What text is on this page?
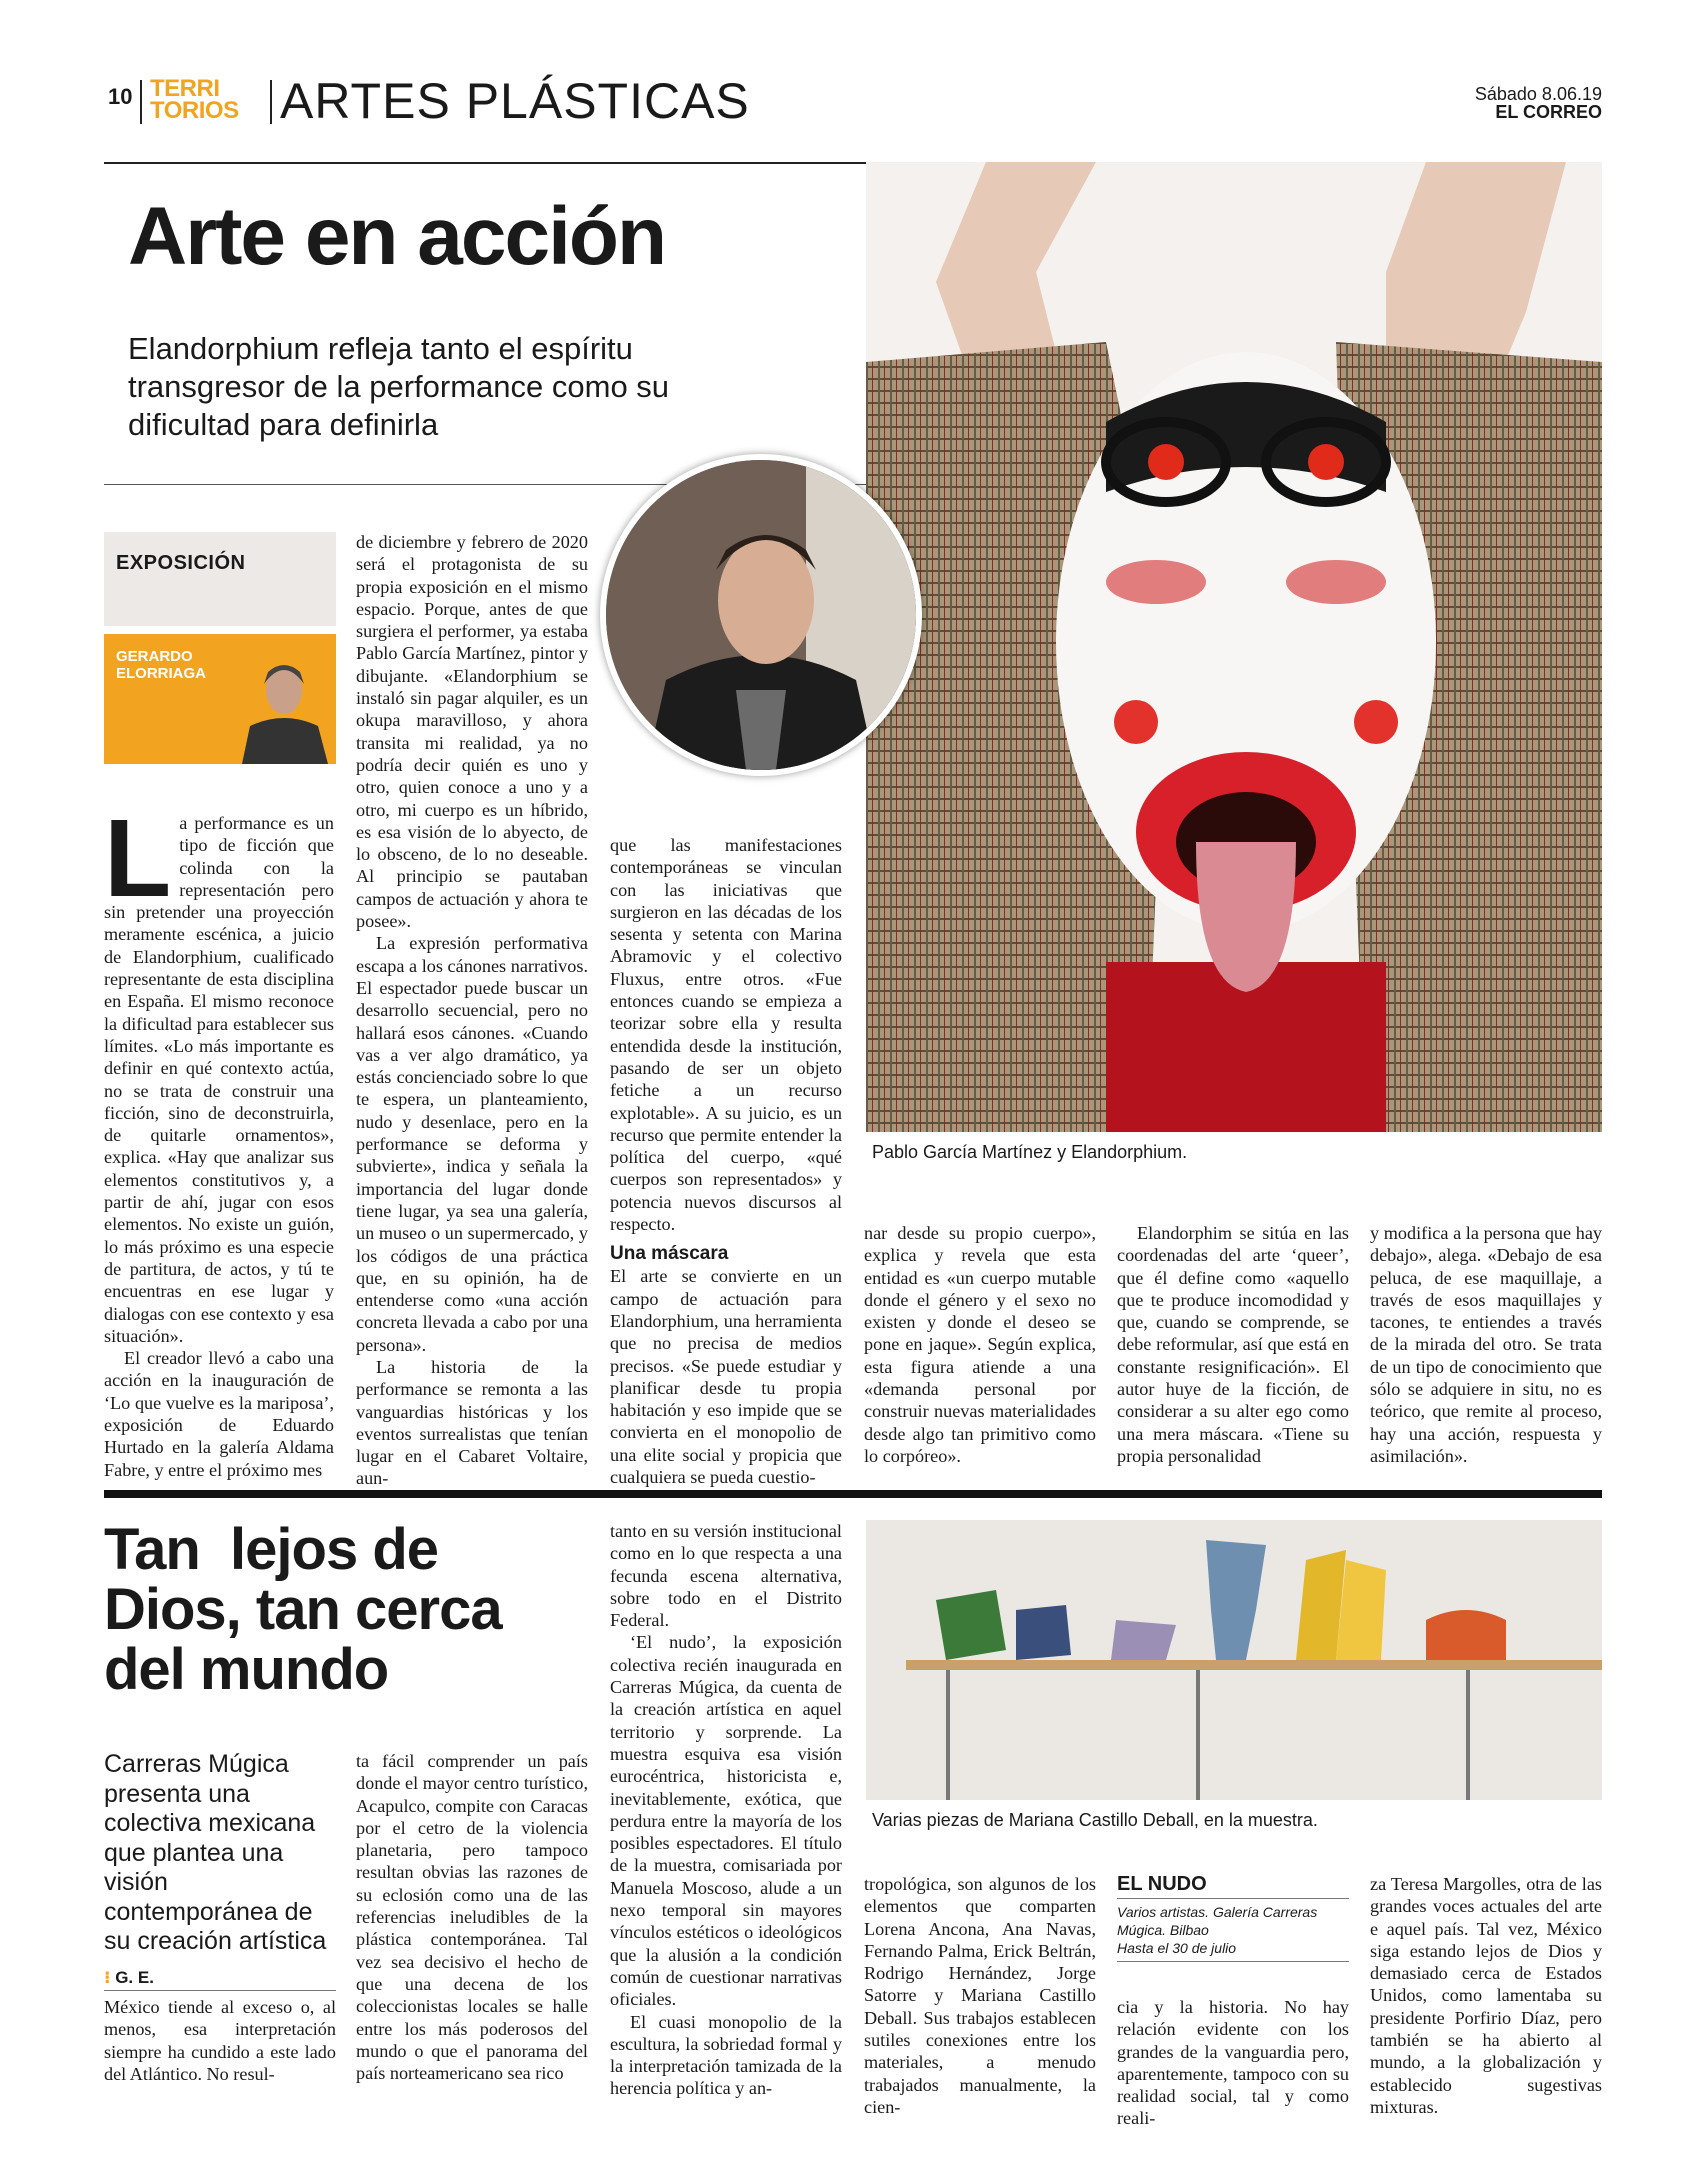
10 TERRI
TORIOS ARTES PLÁSTICAS	Sábado 8.06.19
EL CORREO
Arte en acción
Elandorphium refleja tanto el espíritu transgresor de la performance como su dificultad para definirla
Pablo García Martínez y Elandorphium.
EXPOSICIÓN
GERARDO
ELORRIAGA
L a performance es un tipo de ficción que colinda con la representación pero sin pretender una proyección meramente escénica, a juicio de Elandorphium, cualificado representante de esta disciplina en España. El mismo reconoce la dificultad para establecer sus límites. «Lo más importante es definir en qué contexto actúa, no se trata de construir una ficción, sino de deconstruirla, de quitarle ornamentos», explica. «Hay que analizar sus elementos constitutivos y, a partir de ahí, jugar con esos elementos. No existe un guión, lo más próximo es una especie de partitura, de actos, y tú te encuentras en ese lugar y dialogas con ese contexto y esa situación».

El creador llevó a cabo una acción en la inauguración de ‘Lo que vuelve es la mariposa’, exposición de Eduardo Hurtado en la galería Aldama Fabre, y entre el próximo mes

de diciembre y febrero de 2020 será el protagonista de su propia exposición en el mismo espacio. Porque, antes de que surgiera el performer, ya estaba Pablo García Martínez, pintor y dibujante. «Elandorphium se instaló sin pagar alquiler, es un okupa maravilloso, y ahora transita mi realidad, ya no podría decir quién es uno y otro, quien conoce a uno y a otro, mi cuerpo es un híbrido, es esa visión de lo abyecto, de lo obsceno, de lo no deseable. Al principio se pautaban campos de actuación y ahora te posee».

La expresión performativa escapa a los cánones narrativos. El espectador puede buscar un desarrollo secuencial, pero no hallará esos cánones. «Cuando vas a ver algo dramático, ya estás concienciado sobre lo que te espera, un planteamiento, nudo y desenlace, pero en la performance se deforma y subvierte», indica y señala la importancia del lugar donde tiene lugar, ya sea una galería, un museo o un supermercado, y los códigos de una práctica que, en su opinión, ha de entenderse como «una acción concreta llevada a cabo por una persona».

La historia de la performance se remonta a las vanguardias históricas y los eventos surrealistas que tenían lugar en el Cabaret Voltaire, aun-

que las manifestaciones contemporáneas se vinculan con las iniciativas que surgieron en las décadas de los sesenta y setenta con Marina Abramovic y el colectivo Fluxus, entre otros. «Fue entonces cuando se empieza a teorizar sobre ella y resulta entendida desde la institución, pasando de ser un objeto fetiche a un recurso explotable». A su juicio, es un recurso que permite entender la política del cuerpo, «qué cuerpos son representados» y potencia nuevos discursos al respecto.

Una máscara

El arte se convierte en un campo de actuación para Elandorphium, una herramienta que no precisa de medios precisos. «Se puede estudiar y planificar desde tu propia habitación y eso impide que se convierta en el monopolio de una elite social y propicia que cualquiera se pueda cuestio-

nar desde su propio cuerpo», explica y revela que esta entidad es «un cuerpo mutable donde el género y el sexo no existen y donde el deseo se pone en jaque». Según explica, esta figura atiende a una «demanda personal por construir nuevas materialidades desde algo tan primitivo como lo corpóreo».

Elandorphim se sitúa en las coordenadas del arte ‘queer’, que él define como «aquello que te produce incomodidad y que, cuando se comprende, se debe reformular, así que está en constante resignificación». El autor huye de la ficción, de considerar a su alter ego como una mera máscara. «Tiene su propia personalidad

y modifica a la persona que hay debajo», alega. «Debajo de esa peluca, de ese maquillaje, a través de esos maquillajes y tacones, te entiendes a través de la mirada del otro. Se trata de un tipo de conocimiento que sólo se adquiere in situ, no es teórico, que remite al proceso, hay una acción, respuesta y asimilación».

Tan  lejos de
Dios, tan cerca
del mundo
Carreras Múgica presenta una colectiva mexicana que plantea una visión contemporánea de su creación artística
⁝ G. E.

México tiende al exceso o, al menos, esa interpretación siempre ha cundido a este lado del Atlántico. No resul-

ta fácil comprender un país donde el mayor centro turístico, Acapulco, compite con Caracas por el cetro de la violencia planetaria, pero tampoco resultan obvias las razones de su eclosión como una de las referencias ineludibles de la plástica contemporánea. Tal vez sea decisivo el hecho de que una decena de los coleccionistas locales se halle entre los más poderosos del mundo o que el panorama del país norteamericano sea rico

tanto en su versión institucional como en lo que respecta a una fecunda escena alternativa, sobre todo en el Distrito Federal.

‘El nudo’, la exposición colectiva recién inaugurada en Carreras Múgica, da cuenta de la creación artística en aquel territorio y sorprende. La muestra esquiva esa visión eurocéntrica, historicista e, inevitablemente, exótica, que perdura entre la mayoría de los posibles espectadores. El título de la muestra, comisariada por Manuela Moscoso, alude a un nexo temporal sin mayores vínculos estéticos o ideológicos que la alusión a la condición común de cuestionar narrativas oficiales.

El cuasi monopolio de la escultura, la sobriedad formal y la interpretación tamizada de la herencia política y an-

Varias piezas de Mariana Castillo Deball, en la muestra.

tropológica, son algunos de los elementos que comparten Lorena Ancona, Ana Navas, Fernando Palma, Erick Beltrán, Rodrigo Hernández, Jorge Satorre y Mariana Castillo Deball. Sus trabajos establecen sutiles conexiones entre los materiales, a menudo trabajados manualmente, la cien-

EL NUDO
Varios artistas. Galería Carreras Múgica. Bilbao
Hasta el 30 de julio

cia y la historia. No hay relación evidente con los grandes de la vanguardia pero, aparentemente, tampoco con su realidad social, tal y como reali-

za Teresa Margolles, otra de las grandes voces actuales del arte e aquel país. Tal vez, México siga estando lejos de Dios y demasiado cerca de Estados Unidos, como lamentaba su presidente Porfirio Díaz, pero también se ha abierto al mundo, a la globalización y establecido sugestivas mixturas.
